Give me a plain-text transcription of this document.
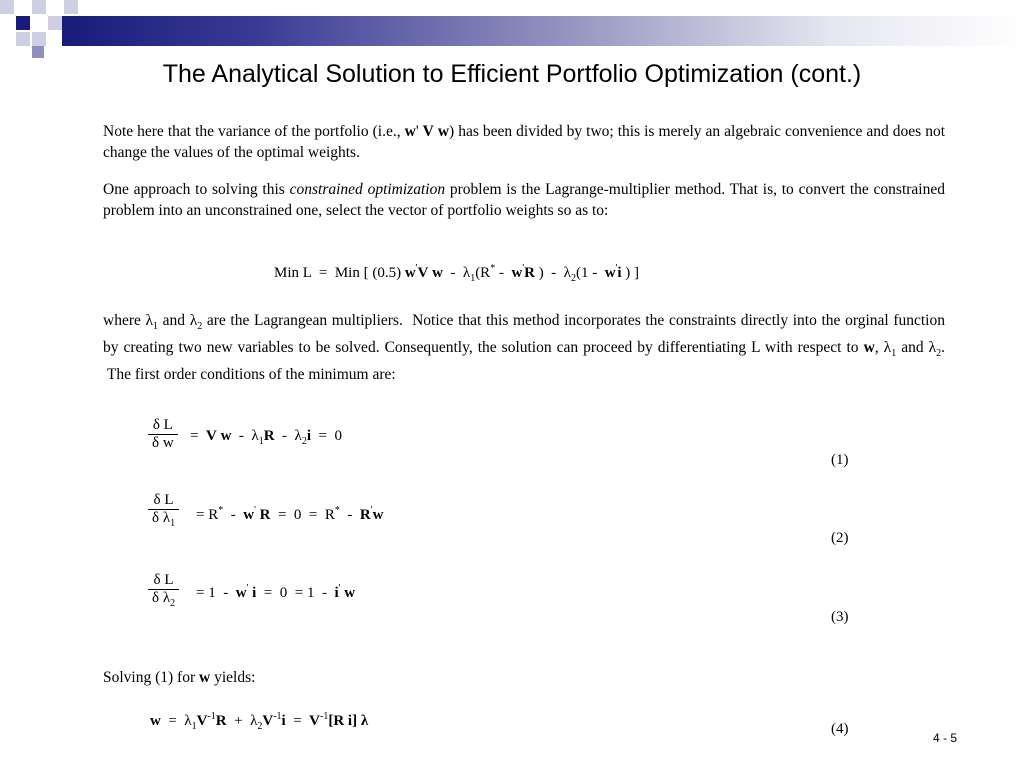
The Analytical Solution to Efficient Portfolio Optimization (cont.)

Note here that the variance of the portfolio (i.e., w' V w) has been divided by two; this is merely an algebraic convenience and does not change the values of the optimal weights.

One approach to solving this constrained optimization problem is the Lagrange-multiplier method. That is, to convert the constrained problem into an unconstrained one, select the vector of portfolio weights so as to:

Min L  =  Min [ (0.5) w'V w  -  $\lambda_1(R^* - w'R$ )  -  $\lambda_2(1 - w'i$ ) ]

where $\lambda_1$ and $\lambda_2$ are the Lagrangean multipliers.  Notice that this method incorporates the constraints directly into the orginal function by creating two new variables to be solved. Consequently, the solution can proceed by differentiating L with respect to w, $\lambda_1$ and $\lambda_2$.  The first order conditions of the minimum are:

$\frac{\text{δ L}}{\text{δ w}} = V$ $w - \lambda_1R - \lambda_2i = 0$
(1)
$\frac{\text{δ L}}{\delta \lambda_1} = R^* - w'$ R  =  0  =  R*  -  R'w
(2)
$\frac{\text{δ L}}{\delta \lambda_2} = 1 - w'$ i  =  0  = 1  -  i' w
(3)

Solving (1) for w yields:

$w = \lambda_1V^{-1}R + \lambda_2V^{-1}i = V^{-1}[R$ i] λ	(4)
4 - 5
